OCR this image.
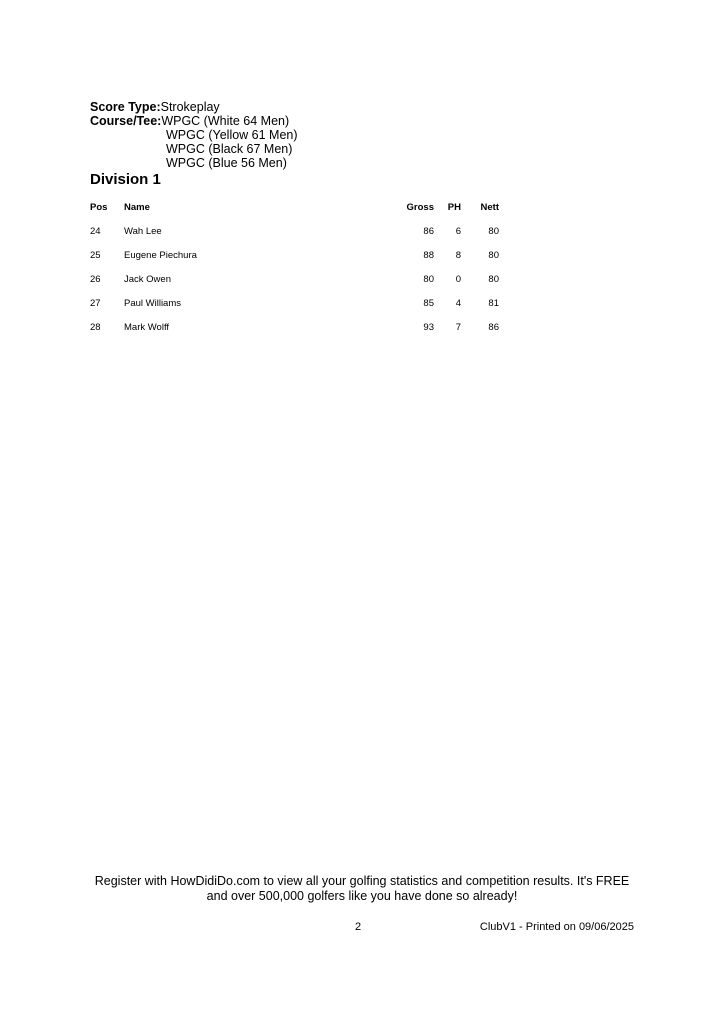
Score Type:Strokeplay
Course/Tee:WPGC (White 64 Men)
WPGC (Yellow 61 Men)
WPGC (Black 67 Men)
WPGC (Blue 56 Men)
Division 1
Pos Name	Gross PH Nett
24 Wah Lee	86 6	80
25 Eugene Piechura	88 8	80
26 Jack Owen	80 0	80
27 Paul Williams	85 4	81
28 Mark Wolff	93 7	86
Register with HowDidiDo.com to view all your golfing statistics and competition results. It's FREE
and over 500,000 golfers like you have done so already!
2	ClubV1 - Printed on 09/06/2025
